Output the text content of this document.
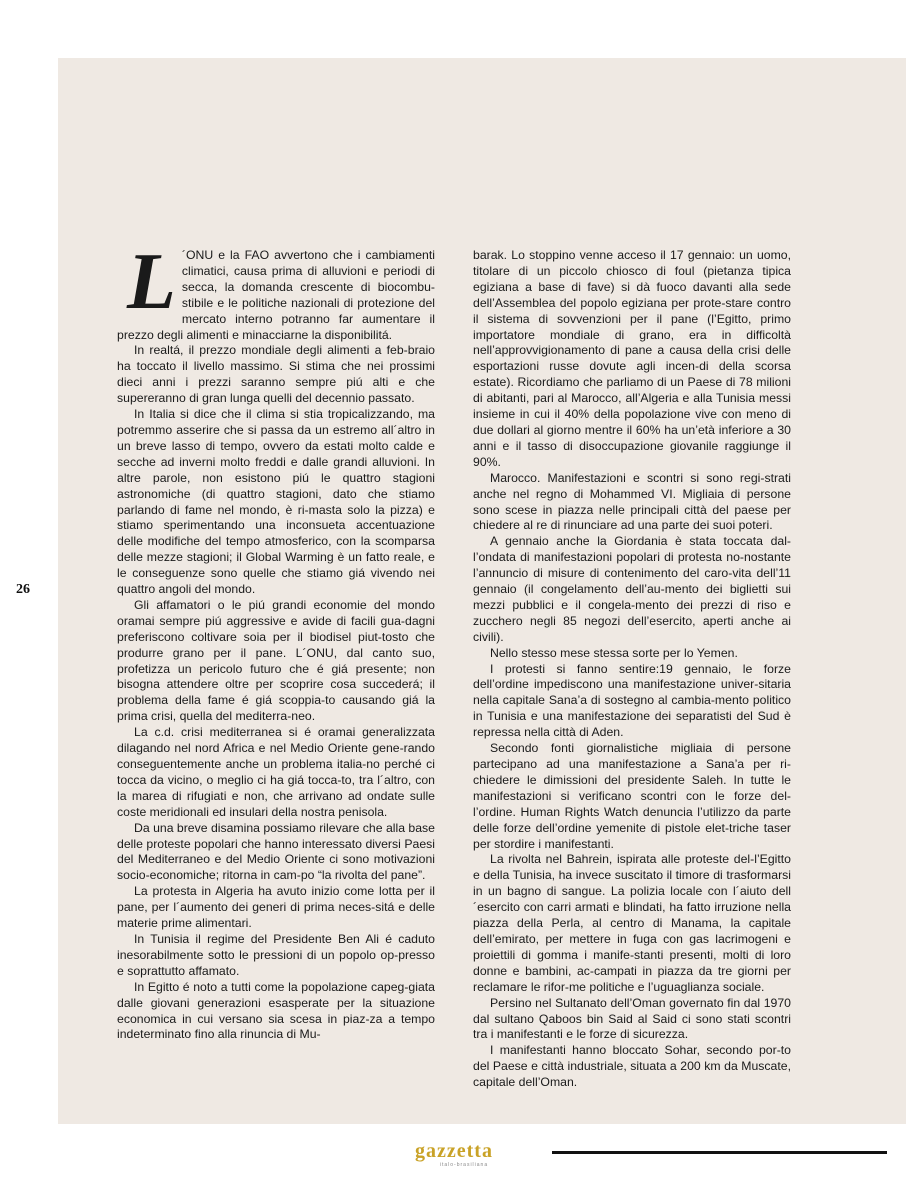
L ´ONU e la FAO avvertono che i cambiamenti climatici, causa prima di alluvioni e periodi di secca, la domanda crescente di biocombu-stibile e le politiche nazionali di protezione del mercato interno potranno far aumentare il prezzo degli alimenti e minacciarne la disponibilitá.

In realtá, il prezzo mondiale degli alimenti a feb-braio ha toccato il livello massimo. Si stima che nei prossimi dieci anni i prezzi saranno sempre piú alti e che supereranno di gran lunga quelli del decennio passato.

In Italia si dice che il clima si stia tropicalizzando, ma potremmo asserire che si passa da un estremo all´altro in un breve lasso di tempo, ovvero da estati molto calde e secche ad inverni molto freddi e dalle grandi alluvioni. In altre parole, non esistono piú le quattro stagioni astronomiche (di quattro stagioni, dato che stiamo parlando di fame nel mondo, è ri-masta solo la pizza) e stiamo sperimentando una inconsueta accentuazione delle modifiche del tempo atmosferico, con la scomparsa delle mezze stagioni; il Global Warming è un fatto reale, e le conseguenze sono quelle che stiamo giá vivendo nei quattro angoli del mondo.

Gli affamatori o le piú grandi economie del mondo oramai sempre piú aggressive e avide di facili gua-dagni preferiscono coltivare soia per il biodisel piut-tosto che produrre grano per il pane. L´ONU, dal canto suo, profetizza un pericolo futuro che é giá presente; non bisogna attendere oltre per scoprire cosa succederá; il problema della fame é giá scoppia-to causando giá la prima crisi, quella del mediterra-neo.

La c.d. crisi mediterranea si é oramai generalizzata dilagando nel nord Africa e nel Medio Oriente gene-rando conseguentemente anche un problema italia-no perché ci tocca da vicino, o meglio ci ha giá tocca-to, tra l´altro, con la marea di rifugiati e non, che arrivano ad ondate sulle coste meridionali ed insulari della nostra penisola.

Da una breve disamina possiamo rilevare che alla base delle proteste popolari che hanno interessato diversi Paesi del Mediterraneo e del Medio Oriente ci sono motivazioni socio-economiche; ritorna in cam-po “la rivolta del pane”.

La protesta in Algeria ha avuto inizio come lotta per il pane, per l´aumento dei generi di prima neces-sitá e delle materie prime alimentari.

In Tunisia il regime del Presidente Ben Ali é caduto inesorabilmente sotto le pressioni di un popolo op-presso e soprattutto affamato.

In Egitto é noto a tutti come la popolazione capeg-giata dalle giovani generazioni esasperate per la situazione economica in cui versano sia scesa in piaz-za a tempo indeterminato fino alla rinuncia di Mu-

barak. Lo stoppino venne acceso il 17 gennaio: un uomo, titolare di un piccolo chiosco di foul (pietanza tipica egiziana a base di fave) si dà fuoco davanti alla sede dell’Assemblea del popolo egiziana per prote-stare contro il sistema di sovvenzioni per il pane (l’Egitto, primo importatore mondiale di grano, era in difficoltà nell’approvvigionamento di pane a causa della crisi delle esportazioni russe dovute agli incen-di della scorsa estate). Ricordiamo che parliamo di un Paese di 78 milioni di abitanti, pari al Marocco, all’Algeria e alla Tunisia messi insieme in cui il 40% della popolazione vive con meno di due dollari al giorno mentre il 60% ha un’età inferiore a 30 anni e il tasso di disoccupazione giovanile raggiunge il 90%.

Marocco. Manifestazioni e scontri si sono regi-strati anche nel regno di Mohammed VI. Migliaia di persone sono scese in piazza nelle principali città del paese per chiedere al re di rinunciare ad una parte dei suoi poteri.

A gennaio anche la Giordania è stata toccata dal-l’ondata di manifestazioni popolari di protesta no-nostante l’annuncio di misure di contenimento del caro-vita dell’11 gennaio (il congelamento dell’au-mento dei biglietti sui mezzi pubblici e il congela-mento dei prezzi di riso e zucchero negli 85 negozi dell’esercito, aperti anche ai civili).

Nello stesso mese stessa sorte per lo Yemen.

I protesti si fanno sentire:19 gennaio, le forze dell’ordine impediscono una manifestazione univer-sitaria nella capitale Sana’a di sostegno al cambia-mento politico in Tunisia e una manifestazione dei separatisti del Sud è repressa nella città di Aden.

Secondo fonti giornalistiche migliaia di persone partecipano ad una manifestazione a Sana’a per ri-chiedere le dimissioni del presidente Saleh. In tutte le manifestazioni si verificano scontri con le forze del-l’ordine. Human Rights Watch denuncia l’utilizzo da parte delle forze dell’ordine yemenite di pistole elet-triche taser per stordire i manifestanti.

La rivolta nel Bahrein, ispirata alle proteste del-l’Egitto e della Tunisia, ha invece suscitato il timore di trasformarsi in un bagno di sangue. La polizia locale con l´aiuto dell´esercito con carri armati e blindati, ha fatto irruzione nella piazza della Perla, al centro di Manama, la capitale dell’emirato, per mettere in fuga con gas lacrimogeni e proiettili di gomma i manife-stanti presenti, molti di loro donne e bambini, ac-campati in piazza da tre giorni per reclamare le rifor-me politiche e l’uguaglianza sociale.

Persino nel Sultanato dell’Oman governato fin dal 1970 dal sultano Qaboos bin Said al Said ci sono stati scontri tra i manifestanti e le forze di sicurezza.

I manifestanti hanno bloccato Sohar, secondo por-to del Paese e città industriale, situata a 200 km da Muscate, capitale dell’Oman.

26
gazzetta
italo-brasiliana
